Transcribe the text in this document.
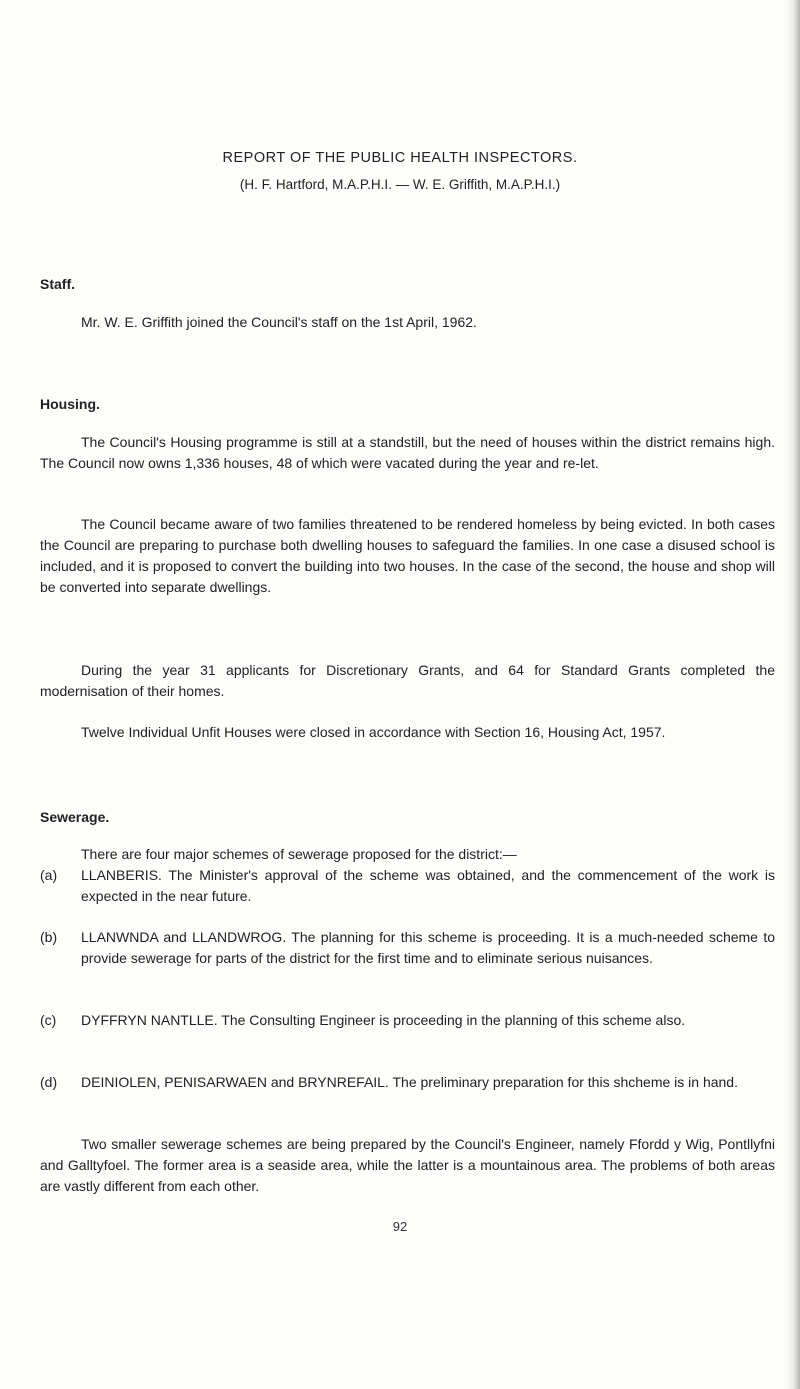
REPORT OF THE PUBLIC HEALTH INSPECTORS.
(H. F. Hartford, M.A.P.H.I. — W. E. Griffith, M.A.P.H.I.)
Staff.

Mr. W. E. Griffith joined the Council's staff on the 1st April, 1962.

Housing.

The Council's Housing programme is still at a standstill, but the need of houses within the district remains high. The Council now owns 1,336 houses, 48 of which were vacated during the year and re-let.

The Council became aware of two families threatened to be rendered homeless by being evicted. In both cases the Council are preparing to purchase both dwelling houses to safeguard the families. In one case a disused school is included, and it is proposed to convert the building into two houses. In the case of the second, the house and shop will be converted into separate dwellings.

During the year 31 applicants for Discretionary Grants, and 64 for Standard Grants completed the modernisation of their homes.

Twelve Individual Unfit Houses were closed in accordance with Section 16, Housing Act, 1957.

Sewerage.

There are four major schemes of sewerage proposed for the district:—

(a)	LLANBERIS. The Minister's approval of the scheme was obtained, and the commencement of the work is expected in the near future.

(b)	LLANWNDA and LLANDWROG. The planning for this scheme is proceeding. It is a much-needed scheme to provide sewerage for parts of the district for the first time and to eliminate serious nuisances.

(c)	DYFFRYN NANTLLE. The Consulting Engineer is proceeding in the planning of this scheme also.

(d)	DEINIOLEN, PENISARWAEN and BRYNREFAIL. The preliminary preparation for this shcheme is in hand.

Two smaller sewerage schemes are being prepared by the Council's Engineer, namely Ffordd y Wig, Pontllyfni and Galltyfoel. The former area is a seaside area, while the latter is a mountainous area. The problems of both areas are vastly different from each other.

92
